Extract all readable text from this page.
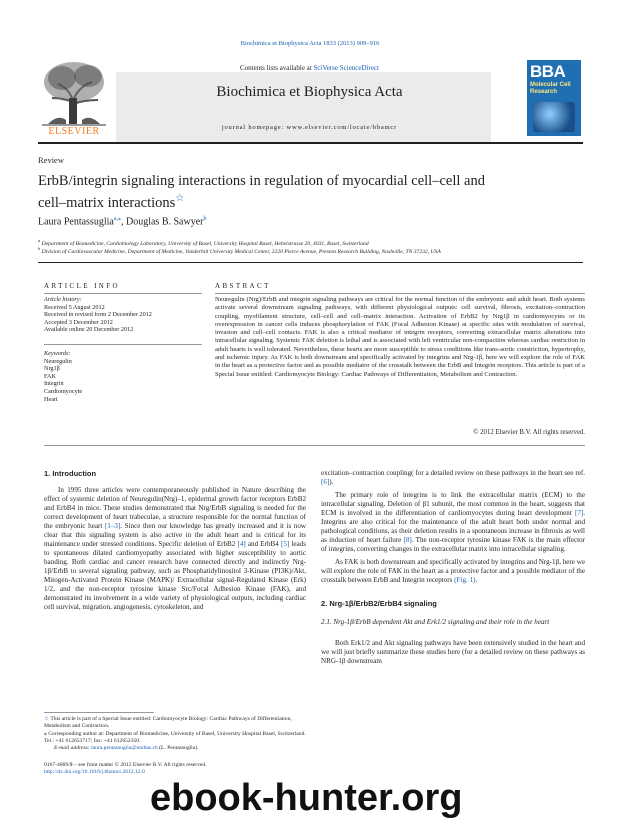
Biochimica et Biophysica Acta 1833 (2013) 909–916
Contents lists available at SciVerse ScienceDirect
Biochimica et Biophysica Acta
journal homepage: www.elsevier.com/locate/bbamcr
ELSEVIER
BBA
Molecular Cell Research
Review
ErbB/integrin signaling interactions in regulation of myocardial cell–cell and
cell–matrix interactions☆
Laura Pentassuglia$^{a,⁎}$, Douglas B. Sawyer$^b$
$^a$ Department of Biomedicine, Cardiobiology Laboratory, University of Basel, University Hospital Basel, Hebelstrasse 20, 4031, Basel, Switzerland
$^b$ Division of Cardiovascular Medicine, Department of Medicine, Vanderbilt University Medical Center, 2220 Pierce Avenue, Preston Research Building, Nashville, TN 37232, USA
ARTICLE INFO
Article history:
Received 5 August 2012
Received in revised form 2 December 2012
Accepted 3 December 2012
Available online 20 December 2012
Keywords:
Neuregulin
Nrg1β
FAK
Integrin
Cardiomyocyte
Heart
ABSTRACT
Neuregulin (Nrg)/ErbB and integrin signaling pathways are critical for the normal function of the embryonic and adult heart. Both systems activate several downstream signaling pathways, with different physiological outputs: cell survival, fibrosis, excitation–contraction coupling, myofilament structure, cell–cell and cell–matrix interaction. Activation of ErbB2 by Nrg1β in cardiomyocytes or its overexpression in cancer cells induces phosphorylation of FAK (Focal Adhesion Kinase) at specific sites with modulation of survival, invasion and cell–cell contacts. FAK is also a critical mediator of integrin receptors, converting extracellular matrix alterations into intracellular signaling. Systemic FAK deletion is lethal and is associated with left ventricular non-compaction whereas cardiac restriction in adult hearts is well tolerated. Nevertheless, these hearts are more susceptible to stress conditions like trans-aortic constriction, hypertrophy, and ischemic injury. As FAK is both downstream and specifically activated by integrins and Nrg-1β, here we will explore the role of FAK in the heart as a protective factor and as possible mediator of the crosstalk between the ErbB and Integrin receptors. This article is part of a Special Issue entitled: Cardiomyocyte Biology: Cardiac Pathways of Differentiation, Metabolism and Contraction.
© 2012 Elsevier B.V. All rights reserved.
1. Introduction

In 1995 three articles were contemporaneously published in Nature describing the effect of systemic deletion of Neuregulin(Nrg)–1, epidermal growth factor receptors ErbB2 and ErbB4 in mice. These studies demonstrated that Nrg/ErbB signaling is needed for the correct development of heart trabeculae, a structure responsible for the normal function of the embryonic heart [1–3]. Since then our knowledge has greatly increased and it is now clear that this signaling system is also active in the adult heart and is critical for its maintenance under stressed conditions. Specific deletion of ErbB2 [4] and ErbB4 [5] leads to spontaneous dilated cardiomyopathy associated with higher susceptibility to aortic banding. Both cardiac and cancer research have connected directly and indirectly Nrg-1β/ErbB to several signaling pathway, such as Phosphatidylinositol 3-Kinase (PI3K)/Akt, Mitogen-Activated Protein Kinase (MAPK)/ Extracellular signal-Regulated Kinase (Erk) 1/2, and the non-receptor tyrosine kinase Src/Focal Adhesion Kinase (FAK), and demonstrated its involvement in a wide variety of physiological outputs, including cardiac cell survival, migration, angiogenesis, cytoskeleton, and

☆ This article is part of a Special Issue entitled: Cardiomyocyte Biology: Cardiac Pathways of Differentiation, Metabolism and Contraction.
⁎ Corresponding author at: Department of Biomedicine, University of Basel, University Hospital Basel, Switzerland. Tel.: +41 612653717; fax: +41 612652350.
E-mail address: laura.pentassuglia@unibas.ch (L. Pentassuglia).
0167-4889/$ – see front matter © 2012 Elsevier B.V. All rights reserved.
http://dx.doi.org/10.1016/j.bbamcr.2012.12.0

excitation–contraction coupling( for a detailed review on these pathways in the heart see ref. [6]).

The primary role of integrins is to link the extracellular matrix (ECM) to the intracellular signaling. Deletion of β1 subunit, the most common in the heart, suggests that ECM is involved in the differentiation of cardiomyocytes during heart development [7]. Integrins are also critical for the maintenance of the adult heart both under normal and pathological conditions, as their deletion results in a spontaneous increase in fibrosis as well as induction of heart failure [8]. The non-receptor tyrosine kinase FAK is the main effector of integrins, converting changes in the extracellular matrix into intracellular signaling.

As FAK is both downstream and specifically activated by integrins and Nrg-1β, here we will explore the role of FAK in the heart as a protective factor and a possible mediator of the crosstalk between ErbB and Integrin receptors (Fig. 1).

2. Nrg-1β/ErbB2/ErbB4 signaling
2.1. Nrg-1β/ErbB dependent Akt and Erk1/2 signaling and their role in the heart

Both Erk1/2 and Akt signaling pathways have been extensively studied in the heart and we will just briefly summarize these studies here (for a detailed review on these pathways as NRG-1β downstream

ebook-hunter.org
